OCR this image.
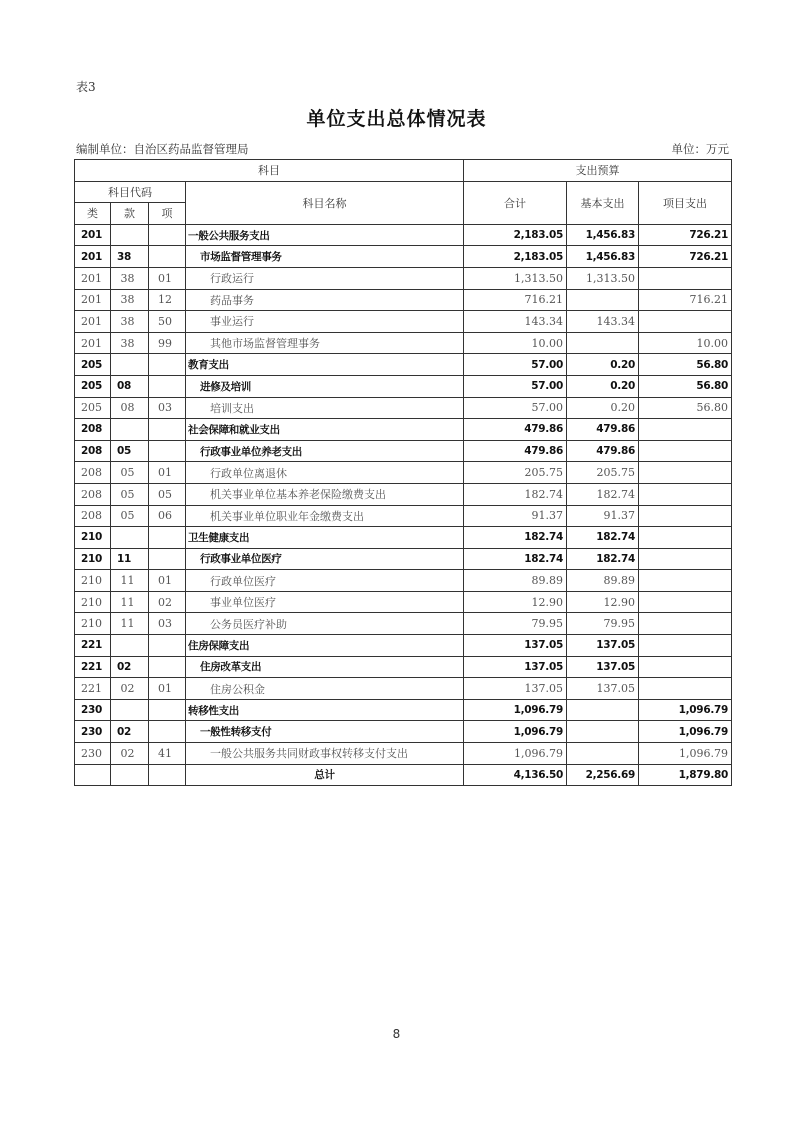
表3
单位支出总体情况表
编制单位：自治区药品监督管理局	单位：万元
科目				支出预算		
科目代码			科目名称	合计	基本支出	项目支出
类	款	项				
201			一般公共服务支出	2,183.05	1,456.83	726.21
201	38		市场监督管理事务	2,183.05	1,456.83	726.21
201	38	01	行政运行	1,313.50	1,313.50	
201	38	12	药品事务	716.21		716.21
201	38	50	事业运行	143.34	143.34	
201	38	99	其他市场监督管理事务	10.00		10.00
205			教育支出	57.00	0.20	56.80
205	08		进修及培训	57.00	0.20	56.80
205	08	03	培训支出	57.00	0.20	56.80
208			社会保障和就业支出	479.86	479.86	
208	05		行政事业单位养老支出	479.86	479.86	
208	05	01	行政单位离退休	205.75	205.75	
208	05	05	机关事业单位基本养老保险缴费支出	182.74	182.74	
208	05	06	机关事业单位职业年金缴费支出	91.37	91.37	
210			卫生健康支出	182.74	182.74	
210	11		行政事业单位医疗	182.74	182.74	
210	11	01	行政单位医疗	89.89	89.89	
210	11	02	事业单位医疗	12.90	12.90	
210	11	03	公务员医疗补助	79.95	79.95	
221			住房保障支出	137.05	137.05	
221	02		住房改革支出	137.05	137.05	
221	02	01	住房公积金	137.05	137.05	
230			转移性支出	1,096.79		1,096.79
230	02		一般性转移支付	1,096.79		1,096.79
230	02	41	一般公共服务共同财政事权转移支付支出	1,096.79		1,096.79
			总计	4,136.50	2,256.69	1,879.80
8
